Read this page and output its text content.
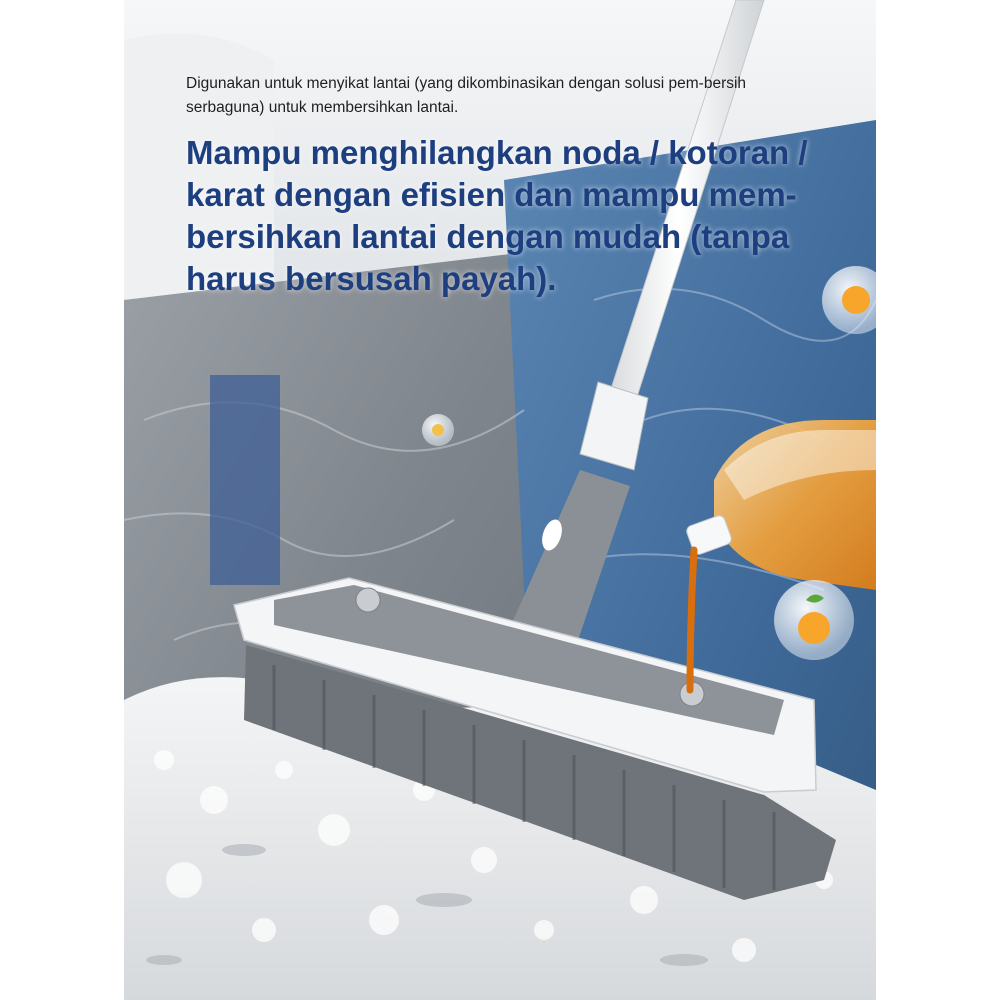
Digunakan untuk menyikat lantai (yang dikombinasikan dengan solusi pem-bersih serbaguna) untuk membersihkan lantai.

Mampu menghilangkan noda / kotoran / karat dengan efisien dan mampu mem-bersihkan lantai dengan mudah (tanpa harus bersusah payah).
